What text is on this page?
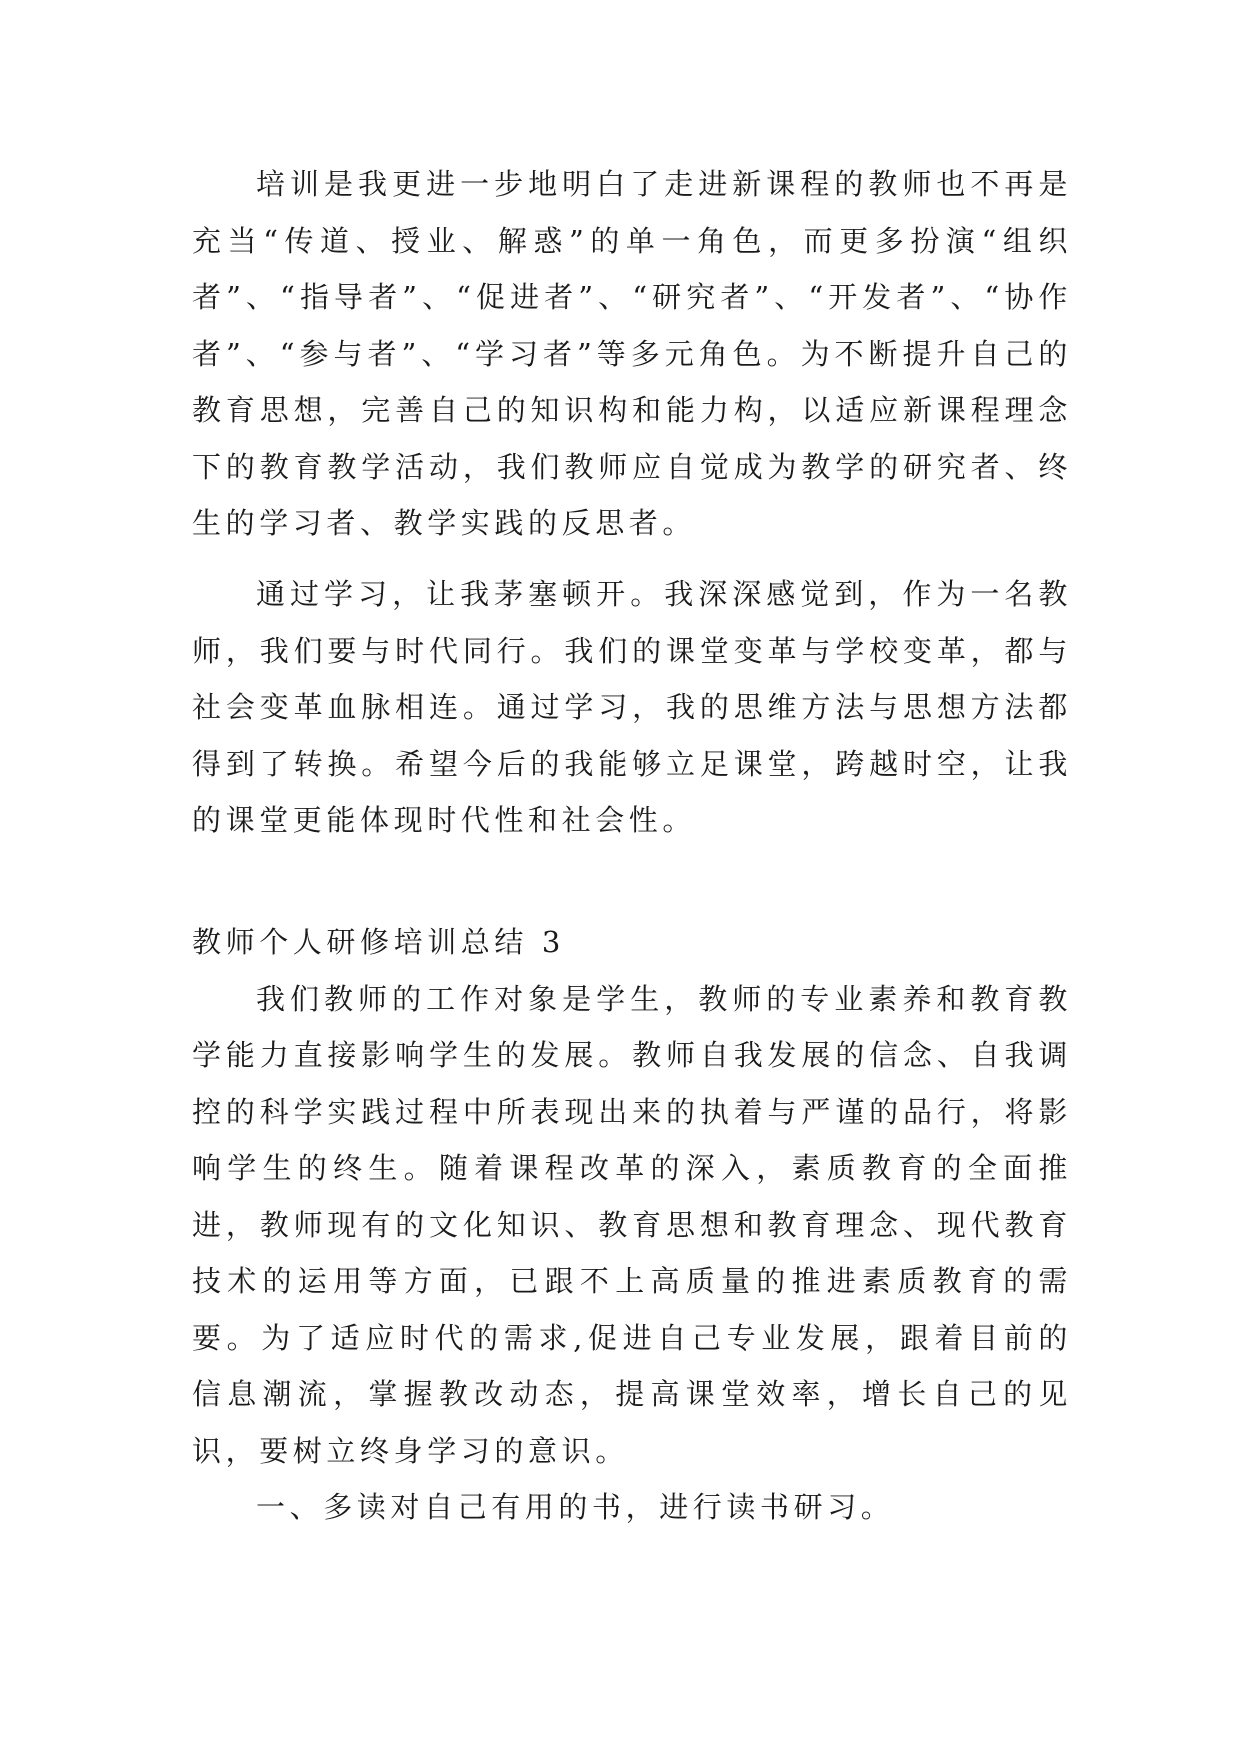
培训是我更进一步地明白了走进新课程的教师也不再是充当“传道、授业、解惑”的单一角色，而更多扮演“组织者”、“指导者”、“促进者”、“研究者”、“开发者”、“协作者”、“参与者”、“学习者”等多元角色。为不断提升自己的教育思想，完善自己的知识构和能力构，以适应新课程理念下的教育教学活动，我们教师应自觉成为教学的研究者、终生的学习者、教学实践的反思者。

通过学习，让我茅塞顿开。我深深感觉到，作为一名教师，我们要与时代同行。我们的课堂变革与学校变革，都与社会变革血脉相连。通过学习，我的思维方法与思想方法都得到了转换。希望今后的我能够立足课堂，跨越时空，让我的课堂更能体现时代性和社会性。

教师个人研修培训总结 3

我们教师的工作对象是学生，教师的专业素养和教育教学能力直接影响学生的发展。教师自我发展的信念、自我调控的科学实践过程中所表现出来的执着与严谨的品行，将影响学生的终生。随着课程改革的深入，素质教育的全面推进，教师现有的文化知识、教育思想和教育理念、现代教育技术的运用等方面，已跟不上高质量的推进素质教育的需要。为了适应时代的需求,促进自己专业发展，跟着目前的信息潮流，掌握教改动态，提高课堂效率，增长自己的见识，要树立终身学习的意识。

一、多读对自己有用的书，进行读书研习。
